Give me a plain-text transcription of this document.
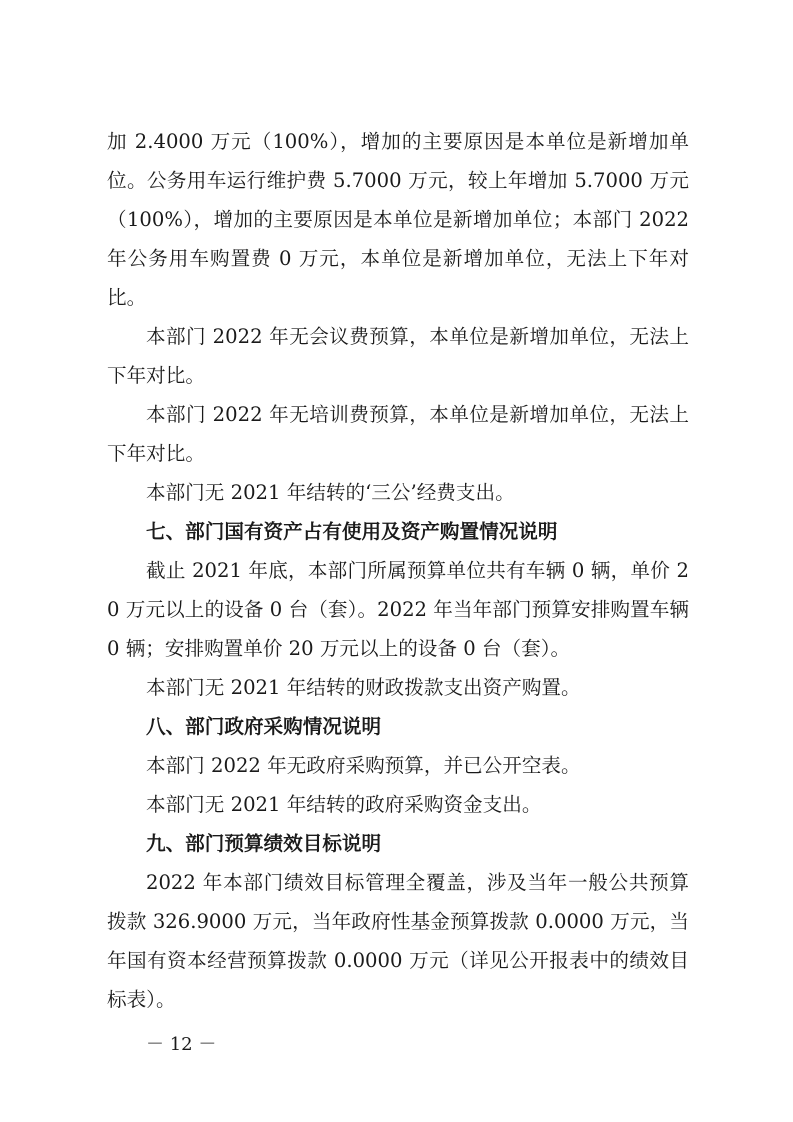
加 2.4000 万元（100%），增加的主要原因是本单位是新增加单位。公务用车运行维护费 5.7000 万元，较上年增加 5.7000 万元（100%），增加的主要原因是本单位是新增加单位；本部门 2022 年公务用车购置费 0 万元，本单位是新增加单位，无法上下年对比。

本部门 2022 年无会议费预算，本单位是新增加单位，无法上下年对比。

本部门 2022 年无培训费预算，本单位是新增加单位，无法上下年对比。

本部门无 2021 年结转的‘三公’经费支出。

七、部门国有资产占有使用及资产购置情况说明

截止 2021 年底，本部门所属预算单位共有车辆 0 辆，单价 20 万元以上的设备 0 台（套）。2022 年当年部门预算安排购置车辆 0 辆；安排购置单价 20 万元以上的设备 0 台（套）。

本部门无 2021 年结转的财政拨款支出资产购置。

八、部门政府采购情况说明

本部门 2022 年无政府采购预算，并已公开空表。

本部门无 2021 年结转的政府采购资金支出。

九、部门预算绩效目标说明

2022 年本部门绩效目标管理全覆盖，涉及当年一般公共预算拨款 326.9000 万元，当年政府性基金预算拨款 0.0000 万元，当年国有资本经营预算拨款 0.0000 万元（详见公开报表中的绩效目标表）。

－ 12 －
